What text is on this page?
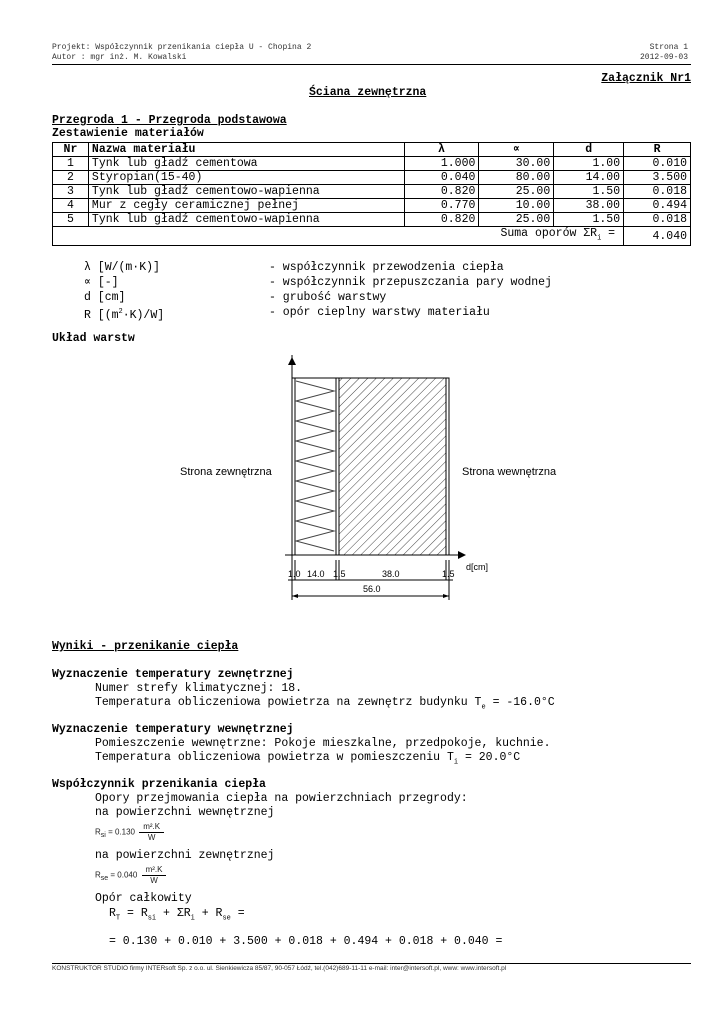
Projekt: Współczynnik przenikania ciepła U - Chopina 2
Autor : mgr inż. M. Kowalski
Strona 1
2012-09-03
Załącznik Nr1
Ściana zewnętrzna
Przegroda 1 - Przegroda podstawowa
Zestawienie materiałów
Nr	Nazwa materiału	λ	∝	d	R
1	Tynk lub gładź cementowa	1.000	30.00	1.00	0.010
2	Styropian(15-40)	0.040	80.00	14.00	3.500
3	Tynk lub gładź cementowo-wapienna	0.820	25.00	1.50	0.018
4	Mur z cegły ceramicznej pełnej	0.770	10.00	38.00	0.494
5	Tynk lub gładź cementowo-wapienna	0.820	25.00	1.50	0.018
Suma oporów $\Sigma R_i$ =					4.040
λ [W/(m·K)]	- współczynnik przewodzenia ciepła
∝ [-]	- współczynnik przepuszczania pary wodnej
d [cm]	- grubość warstwy
R $[(m^2\cdot K)/W]$	- opór cieplny warstwy materiału
Układ warstw
Strona zewnętrzna	Strona wewnętrzna
d[cm]
1.0 14.0 1.5	38.0	1.5
56.0
Wyniki - przenikanie ciepła
Wyznaczenie temperatury zewnętrznej
Numer strefy klimatycznej: 18.
Temperatura obliczeniowa powietrza na zewnętrz budynku $T_e = -16.0^\circ C$
Wyznaczenie temperatury wewnętrznej
Pomieszczenie wewnętrzne: Pokoje mieszkalne, przedpokoje, kuchnie.
Temperatura obliczeniowa powietrza w pomieszczeniu $T_i = 20.0^\circ C$
Współczynnik przenikania ciepła
Opory przejmowania ciepła na powierzchniach przegrody:
na powierzchni wewnętrznej
$R_{si} = 0.130 \frac{\text{m².K}}{W}$
na powierzchni zewnętrznej
$R_{se} = 0.040 \frac{\text{m².K}}{W}$
Opór całkowity
$R_T = R_{si} + \Sigma R_i + R_{se}$ =
= 0.130 + 0.010 + 3.500 + 0.018 + 0.494 + 0.018 + 0.040 =
KONSTRUKTOR STUDIO firmy INTERsoft Sp. z o.o. ul. Sienkiewicza 85/87, 90-057 Łódź, tel.(042)689-11-11 e-mail: inter@intersoft.pl, www: www.intersoft.pl
